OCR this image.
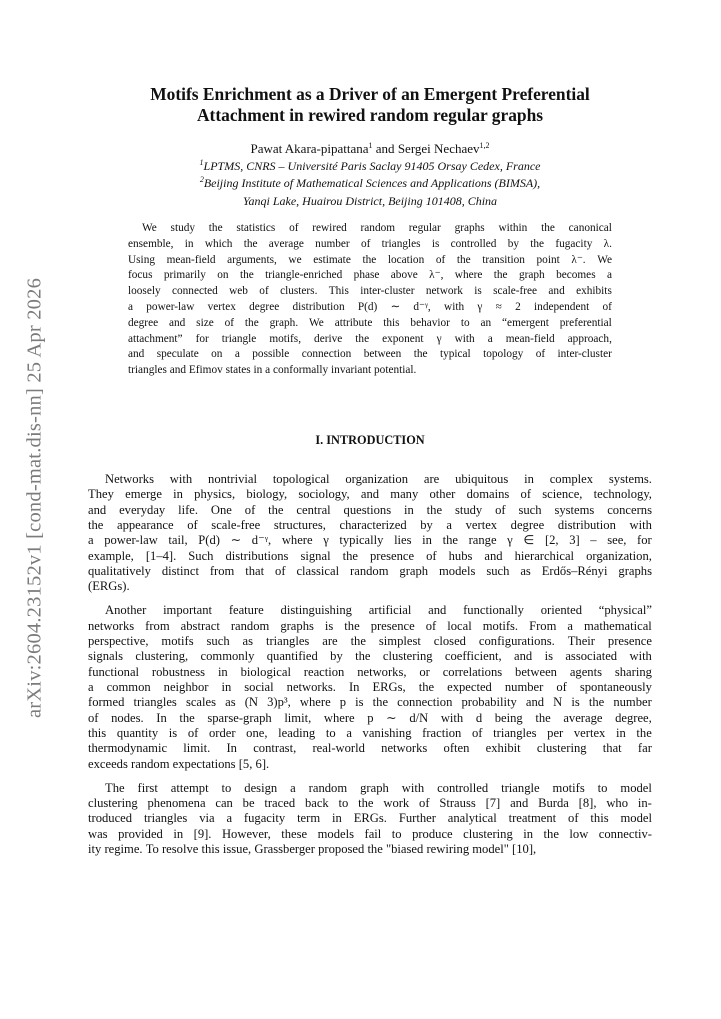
arXiv:2604.23152v1 [cond-mat.dis-nn] 25 Apr 2026
Motifs Enrichment as a Driver of an Emergent Preferential
Attachment in rewired random regular graphs
Pawat Akara-pipattana$^1$ and Sergei Nechaev$^{1,2}$
$^1$LPTMS, CNRS – Université Paris Saclay 91405 Orsay Cedex, France
$^2$Beijing Institute of Mathematical Sciences and Applications (BIMSA),
Yanqi Lake, Huairou District, Beijing 101408, China
We study the statistics of rewired random regular graphs within the canonical
ensemble, in which the average number of triangles is controlled by the fugacity λ.
Using mean-field arguments, we estimate the location of the transition point λ⁻. We
focus primarily on the triangle-enriched phase above λ⁻, where the graph becomes a
loosely connected web of clusters. This inter-cluster network is scale-free and exhibits
a power-law vertex degree distribution P(d) ∼ d⁻ᵞ, with γ ≈ 2 independent of
degree and size of the graph. We attribute this behavior to an “emergent preferential
attachment” for triangle motifs, derive the exponent γ with a mean-field approach,
and speculate on a possible connection between the typical topology of inter-cluster
triangles and Efimov states in a conformally invariant potential.
I. INTRODUCTION
Networks with nontrivial topological organization are ubiquitous in complex systems.
They emerge in physics, biology, sociology, and many other domains of science, technology,
and everyday life. One of the central questions in the study of such systems concerns
the appearance of scale-free structures, characterized by a vertex degree distribution with
a power-law tail, P(d) ∼ d⁻ᵞ, where γ typically lies in the range γ ∈ [2, 3] – see, for
example, [1–4]. Such distributions signal the presence of hubs and hierarchical organization,
qualitatively distinct from that of classical random graph models such as Erdős–Rényi graphs
(ERGs).
Another important feature distinguishing artificial and functionally oriented “physical”
networks from abstract random graphs is the presence of local motifs. From a mathematical
perspective, motifs such as triangles are the simplest closed configurations. Their presence
signals clustering, commonly quantified by the clustering coefficient, and is associated with
functional robustness in biological reaction networks, or correlations between agents sharing
a common neighbor in social networks. In ERGs, the expected number of spontaneously
formed triangles scales as (N 3)p³, where p is the connection probability and N is the number
of nodes. In the sparse-graph limit, where p ∼ d/N with d being the average degree,
this quantity is of order one, leading to a vanishing fraction of triangles per vertex in the
thermodynamic limit. In contrast, real-world networks often exhibit clustering that far
exceeds random expectations [5, 6].
The first attempt to design a random graph with controlled triangle motifs to model
clustering phenomena can be traced back to the work of Strauss [7] and Burda [8], who in-
troduced triangles via a fugacity term in ERGs. Further analytical treatment of this model
was provided in [9]. However, these models fail to produce clustering in the low connectiv-
ity regime. To resolve this issue, Grassberger proposed the "biased rewiring model" [10],
